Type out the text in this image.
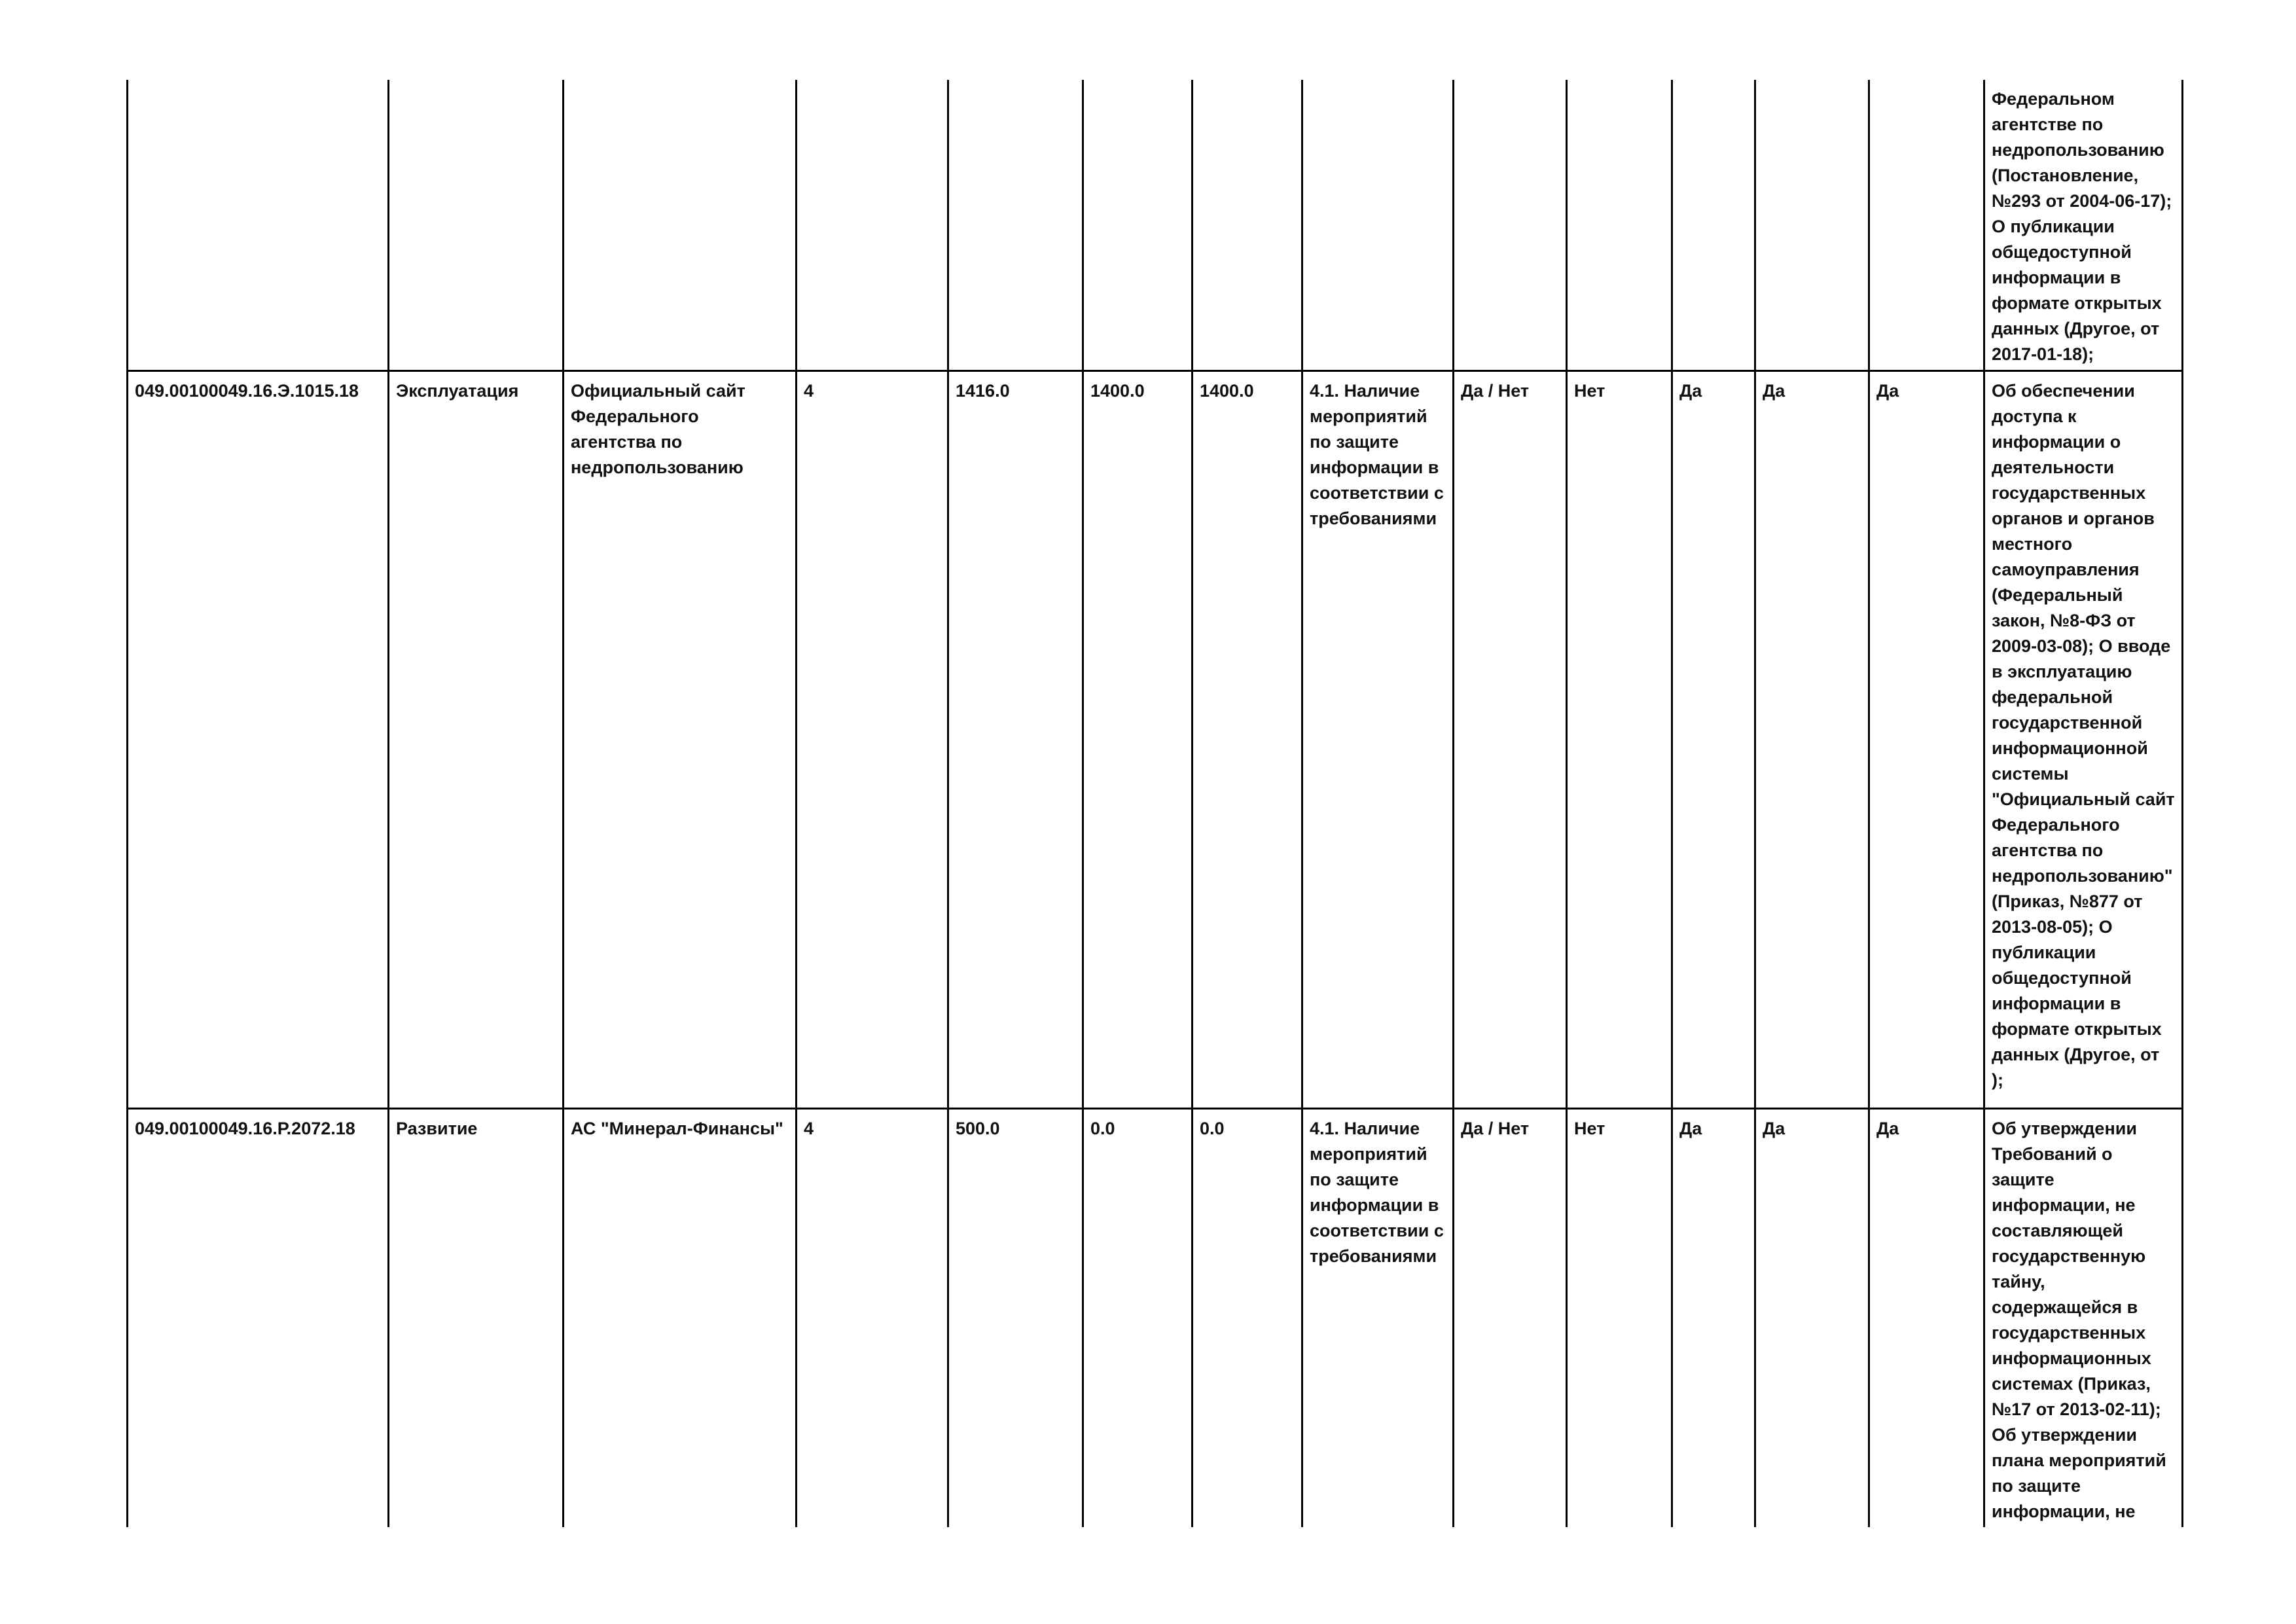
													Федеральном агентстве по недропользованию (Постановление, №293 от 2004-06-17); О публикации общедоступной информации в формате открытых данных (Другое, от 2017-01-18);
049.00100049.16.Э.1015.18	Эксплуатация	Официальный сайт Федерального агентства по недропользованию	4	1416.0	1400.0	1400.0	4.1. Наличие мероприятий по защите информации в соответствии с требованиями	Да / Нет	Нет	Да	Да	Да	Об обеспечении доступа к информации о деятельности государственных органов и органов местного самоуправления (Федеральный закон, №8-ФЗ от 2009-03-08); О вводе в эксплуатацию федеральной государственной информационной системы "Официальный сайт Федерального агентства по недропользованию" (Приказ, №877 от 2013-08-05); О публикации общедоступной информации в формате открытых данных (Другое, от );
049.00100049.16.Р.2072.18	Развитие	АС "Минерал-Финансы"	4	500.0	0.0	0.0	4.1. Наличие мероприятий по защите информации в соответствии с требованиями	Да / Нет	Нет	Да	Да	Да	Об утверждении Требований о защите информации, не составляющей государственную тайну, содержащейся в государственных информационных системах (Приказ, №17 от 2013-02-11); Об утверждении плана мероприятий по защите информации, не
